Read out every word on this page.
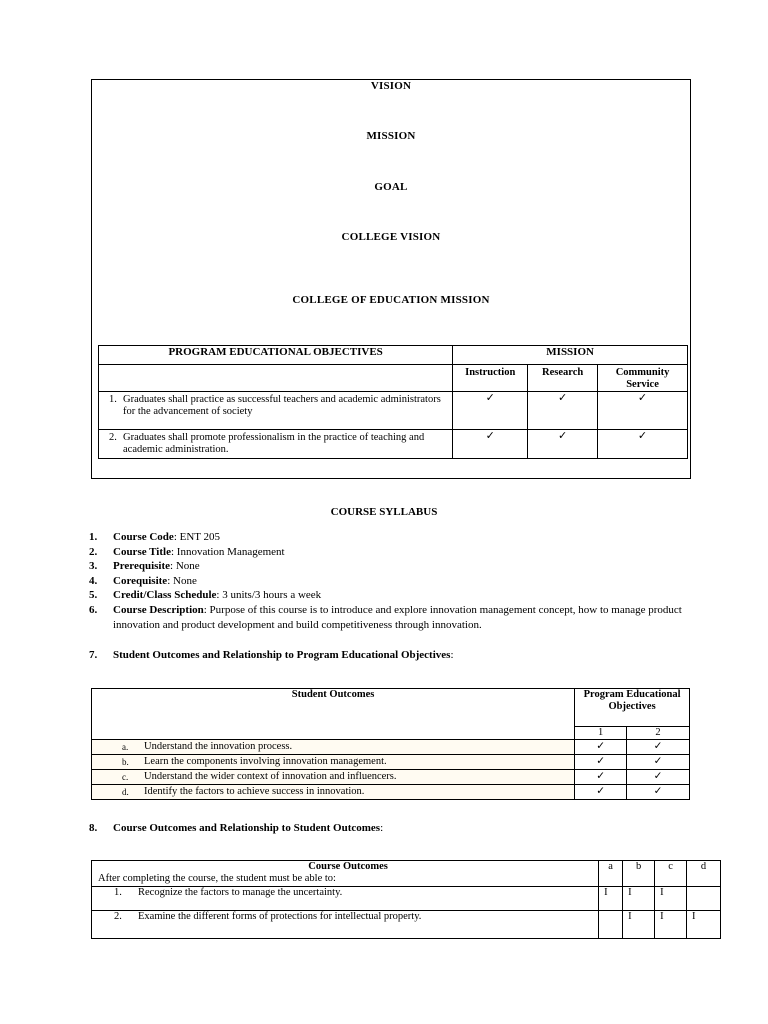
VISION
MISSION
GOAL
COLLEGE VISION
COLLEGE OF EDUCATION MISSION
PROGRAM EDUCATIONAL OBJECTIVES	MISSION		
	Instruction	Research	Community Service

1. Graduates shall practice as successful teachers and academic administrators for the advancement of society	✓	✓	✓

2. Graduates shall promote professionalism in the practice of teaching and academic administration.	✓	✓	✓
COURSE SYLLABUS
1.	Course Code: ENT 205
2.	Course Title: Innovation Management
3.	Prerequisite: None
4.	Corequisite: None
5.	Credit/Class Schedule: 3 units/3 hours a week
6.	Course Description: Purpose of this course is to introduce and explore innovation management concept, how to manage product innovation and product development and build competitiveness through innovation.
7.	Student Outcomes and Relationship to Program Educational Objectives:
Student Outcomes	Program Educational Objectives	
	1	2

a. Understand the innovation process.	✓	✓

b. Learn the components involving innovation management.	✓	✓

c. Understand the wider context of innovation and influencers.	✓	✓

d. Identify the factors to achieve success in innovation.	✓	✓
8.	Course Outcomes and Relationship to Student Outcomes:
Course Outcomes
After completing the course, the student must be able to:	a	b	c	d
1. Recognize the factors to manage the uncertainty.	I	I	I	
2. Examine the different forms of protections for intellectual property.		I	I	I
